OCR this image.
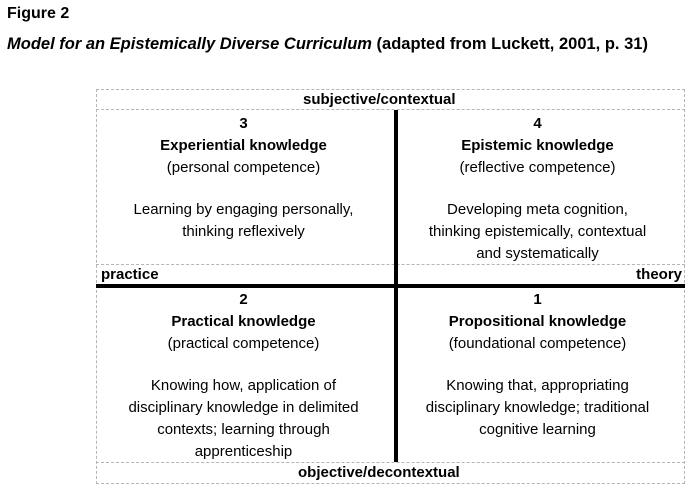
Figure 2
Model for an Epistemically Diverse Curriculum (adapted from Luckett, 2001, p. 31)
subjective/contextual
objective/decontextual
practice	theory
3
Experiential knowledge
(personal competence)
Learning by engaging personally,
thinking reflexively
4
Epistemic knowledge
(reflective competence)
Developing meta cognition,
thinking epistemically, contextual
and systematically
2
Practical knowledge
(practical competence)
Knowing how, application of
disciplinary knowledge in delimited
contexts; learning through
apprenticeship
1
Propositional knowledge
(foundational competence)
Knowing that, appropriating
disciplinary knowledge; traditional
cognitive learning
